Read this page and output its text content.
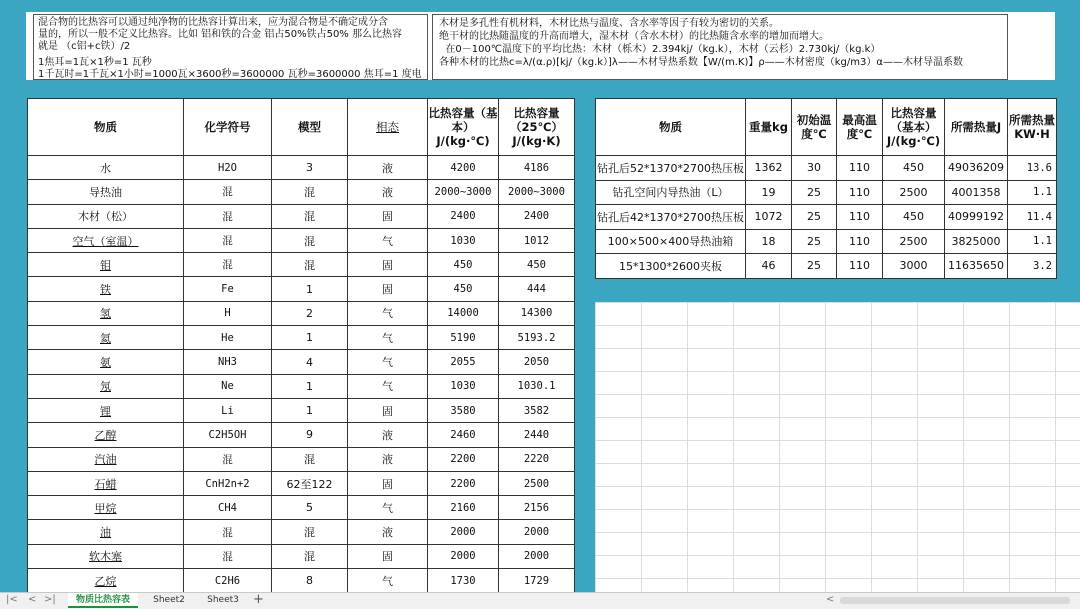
混合物的比热容可以通过纯净物的比热容计算出来，应为混合物是不确定成分含
量的，所以一般不定义比热容。比如 铝和铁的合金 铝占50%铁占50% 那么比热容
就是 （c铝+c铁）/2
1焦耳=1瓦×1秒=1 瓦秒
1千瓦时=1千瓦×1小时=1000瓦×3600秒=3600000 瓦秒=3600000 焦耳=1 度电
木材是多孔性有机材料，木材比热与温度、含水率等因子有较为密切的关系。
绝干材的比热随温度的升高而增大，湿木材（含水木材）的比热随含水率的增加而增大。
在0－100℃温度下的平均比热：木材（栎木）2.394kj/（kg.k），木材（云杉）2.730kj/（kg.k）
各种木材的比热c=λ/(α.ρ)[kj/（kg.k）]λ——木材导热系数【W/(m.K)】ρ——木材密度（kg/m3）α——木材导温系数
物质	化学符号	模型	相态	比热容量（基本）J/(kg·℃)	比热容量（25℃）J/(kg·K)
水	H2O	3	液	4200	4186
导热油	混	混	液	2000~3000	2000~3000
木材（松）	混	混	固	2400	2400
空气（室温）	混	混	气	1030	1012
钼	混	混	固	450	450
铁	Fe	1	固	450	444
氢	H	2	气	14000	14300
氦	He	1	气	5190	5193.2
氨	NH3	4	气	2055	2050
氖	Ne	1	气	1030	1030.1
锂	Li	1	固	3580	3582
乙醇	C2H5OH	9	液	2460	2440
汽油	混	混	液	2200	2220
石蜡	CnH2n+2	62至122	固	2200	2500
甲烷	CH4	5	气	2160	2156
油	混	混	液	2000	2000
软木塞	混	混	固	2000	2000
乙烷	C2H6	8	气	1730	1729
物质	重量kg	初始温度℃	最高温度℃	比热容量（基本）J/(kg·℃)	所需热量J	所需热量KW·H
钻孔后52*1370*2700热压板	1362	30	110	450	49036209	13.6
钻孔空间内导热油（L）	19	25	110	2500	4001358	1.1
钻孔后42*1370*2700热压板	1072	25	110	450	40999192	11.4
100×500×400导热油箱	18	25	110	2500	3825000	1.1
15*1300*2600夹板	46	25	110	3000	11635650	3.2
|< < >|	物质比热容表	Sheet2	Sheet3	+	<
